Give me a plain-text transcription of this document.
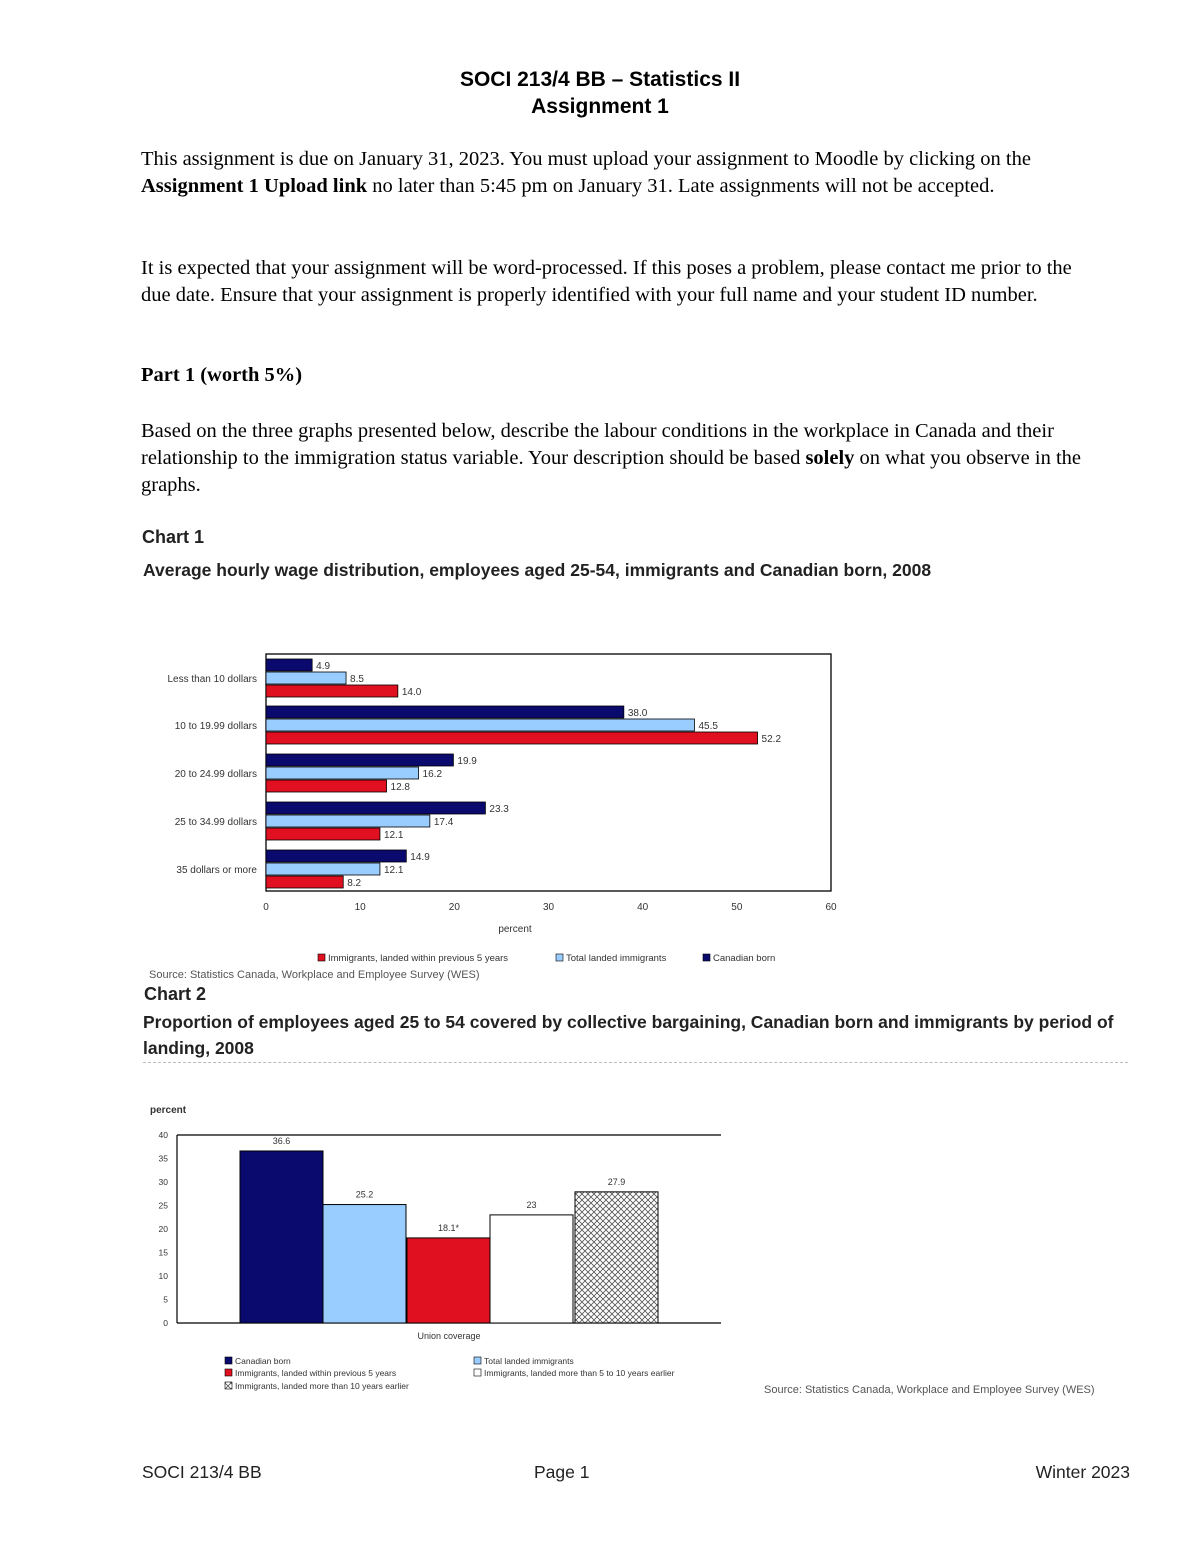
SOCI 213/4 BB – Statistics II
Assignment 1
This assignment is due on January 31, 2023. You must upload your assignment to Moodle by clicking on the Assignment 1 Upload link no later than 5:45 pm on January 31. Late assignments will not be accepted.
It is expected that your assignment will be word-processed. If this poses a problem, please contact me prior to the due date. Ensure that your assignment is properly identified with your full name and your student ID number.
Part 1 (worth 5%)
Based on the three graphs presented below, describe the labour conditions in the workplace in Canada and their relationship to the immigration status variable. Your description should be based solely on what you observe in the graphs.
Chart 1
Average hourly wage distribution, employees aged 25-54, immigrants and Canadian born, 2008
4.9
8.5
14.0
38.0
45.5
52.2
19.9
16.2
12.8
23.3
17.4
12.1
14.9
12.1
8.2
Less than 10 dollars
10 to 19.99 dollars
20 to 24.99 dollars
25 to 34.99 dollars
35 dollars or more
0	10	20	30	40	50	60
percent
Immigrants, landed within previous 5 years	Total landed immigrants	Canadian born
Source: Statistics Canada, Workplace and Employee Survey (WES)
Chart 2
Proportion of employees aged 25 to 54 covered by collective bargaining, Canadian born and immigrants by period of landing, 2008
percent
0
5
10
15
20
25
30
35
40
36.6
25.2
18.1*
23
27.9
Union coverage
Canadian born	Total landed immigrants
Immigrants, landed within previous 5 years	Immigrants, landed more than 5 to 10 years earlier
Immigrants, landed more than 10 years earlier	Source: Statistics Canada, Workplace and Employee Survey (WES)
SOCI 213/4 BB	Page 1	Winter 2023
